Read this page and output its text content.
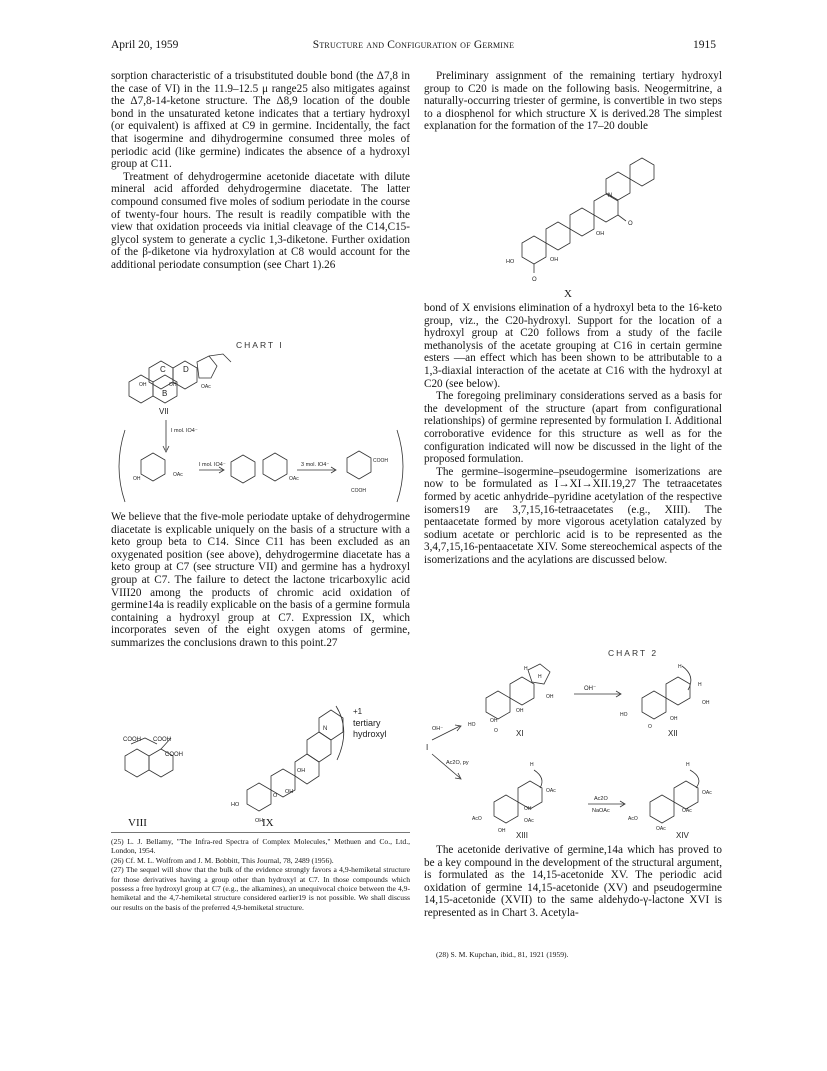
April 20, 1959	Structure and Configuration of Germine	1915

sorption characteristic of a trisubstituted double bond (the Δ7,8 in the case of VI) in the 11.9–12.5 μ range25 also mitigates against the Δ7,8-14-ketone structure. The Δ8,9 location of the double bond in the unsaturated ketone indicates that a tertiary hydroxyl (or equivalent) is affixed at C9 in germine. Incidentally, the fact that isogermine and dihydrogermine consumed three moles of periodic acid (like germine) indicates the absence of a hydroxyl group at C11.

Treatment of dehydrogermine acetonide diacetate with dilute mineral acid afforded dehydrogermine diacetate. The latter compound consumed five moles of sodium periodate in the course of twenty-four hours. The result is readily compatible with the view that oxidation proceeds via initial cleavage of the C14,C15-glycol system to generate a cyclic 1,3-diketone. Further oxidation of the β-diketone via hydroxylation at C8 would account for the additional periodate consumption (see Chart 1).26

CHART I
C D
B
OAc
OH	OH
VII
I mol. IO4⁻
I mol. IO4⁻	3 mol. IO4⁻
OAc
OH
COOH
COOH
OAc

We believe that the five-mole periodate uptake of dehydrogermine diacetate is explicable uniquely on the basis of a structure with a keto group beta to C14. Since C11 has been excluded as an oxygenated position (see above), dehydrogermine diacetate has a keto group at C7 (see structure VII) and germine has a hydroxyl group at C7. The failure to detect the lactone tricarboxylic acid VIII20 among the products of chromic acid oxidation of germine14a is readily explicable on the basis of a germine formula containing a hydroxyl group at C7. Expression IX, which incorporates seven of the eight oxygen atoms of germine, summarizes the conclusions drawn to this point.27

COOH COOH
COOH
+1
tertiary
hydroxyl
N
HO
OH
OH
OH
O
VIII	IX

(25) L. J. Bellamy, "The Infra-red Spectra of Complex Molecules," Methuen and Co., Ltd., London, 1954.

(26) Cf. M. L. Wolfrom and J. M. Bobbitt, This Journal, 78, 2489 (1956).

(27) The sequel will show that the bulk of the evidence strongly favors a 4,9-hemiketal structure for those derivatives having a group other than hydroxyl at C7. In those compounds which possess a free hydroxyl group at C7 (e.g., the alkamines), an unequivocal choice between the 4,9-hemiketal and the 4,7-hemiketal structure considered earlier19 is not possible. We shall discuss our results on the basis of the preferred 4,9-hemiketal structure.

Preliminary assignment of the remaining tertiary hydroxyl group to C20 is made on the following basis. Neogermitrine, a naturally-occurring triester of germine, is convertible in two steps to a diosphenol for which structure X is derived.28 The simplest explanation for the formation of the 17–20 double

N
O
OH
HO	OH
O
X

bond of X envisions elimination of a hydroxyl beta to the 16-keto group, viz., the C20-hydroxyl. Support for the location of a hydroxyl group at C20 follows from a study of the facile methanolysis of the acetate grouping at C16 in certain germine esters —an effect which has been shown to be attributable to a 1,3-diaxial interaction of the acetate at C16 with the hydroxyl at C20 (see below).

The foregoing preliminary considerations served as a basis for the development of the structure (apart from configurational relationships) of germine represented by formulation I. Additional corroborative evidence for this structure as well as for the configuration indicated will now be discussed in the light of the proposed formulation.

The germine–isogermine–pseudogermine isomerizations are now to be formulated as I→XI→XII.19,27 The tetraacetates formed by acetic anhydride–pyridine acetylation of the respective isomers19 are 3,7,15,16-tetraacetates (e.g., XIII). The pentaacetate formed by more vigorous acetylation catalyzed by sodium acetate or perchloric acid is to be represented as the 3,4,7,15,16-pentaacetate XIV. Some stereochemical aspects of the isomerizations and the acylations are discussed below.

CHART 2
H
H
OH
OH
OH
HO
O XI
OH⁻
H
H
OH
OH
HO
O
XII
OH⁻
I
Ac2O, py	H
OAc
OH
OAc
AcO
OH XIII
Ac2O
NaOAc
H
OAc
OAc
AcO
OAc
XIV

The acetonide derivative of germine,14a which has proved to be a key compound in the development of the structural argument, is formulated as the 14,15-acetonide XV. The periodic acid oxidation of germine 14,15-acetonide (XV) and pseudogermine 14,15-acetonide (XVII) to the same aldehydo-γ-lactone XVI is represented as in Chart 3. Acetyla-

(28) S. M. Kupchan, ibid., 81, 1921 (1959).
